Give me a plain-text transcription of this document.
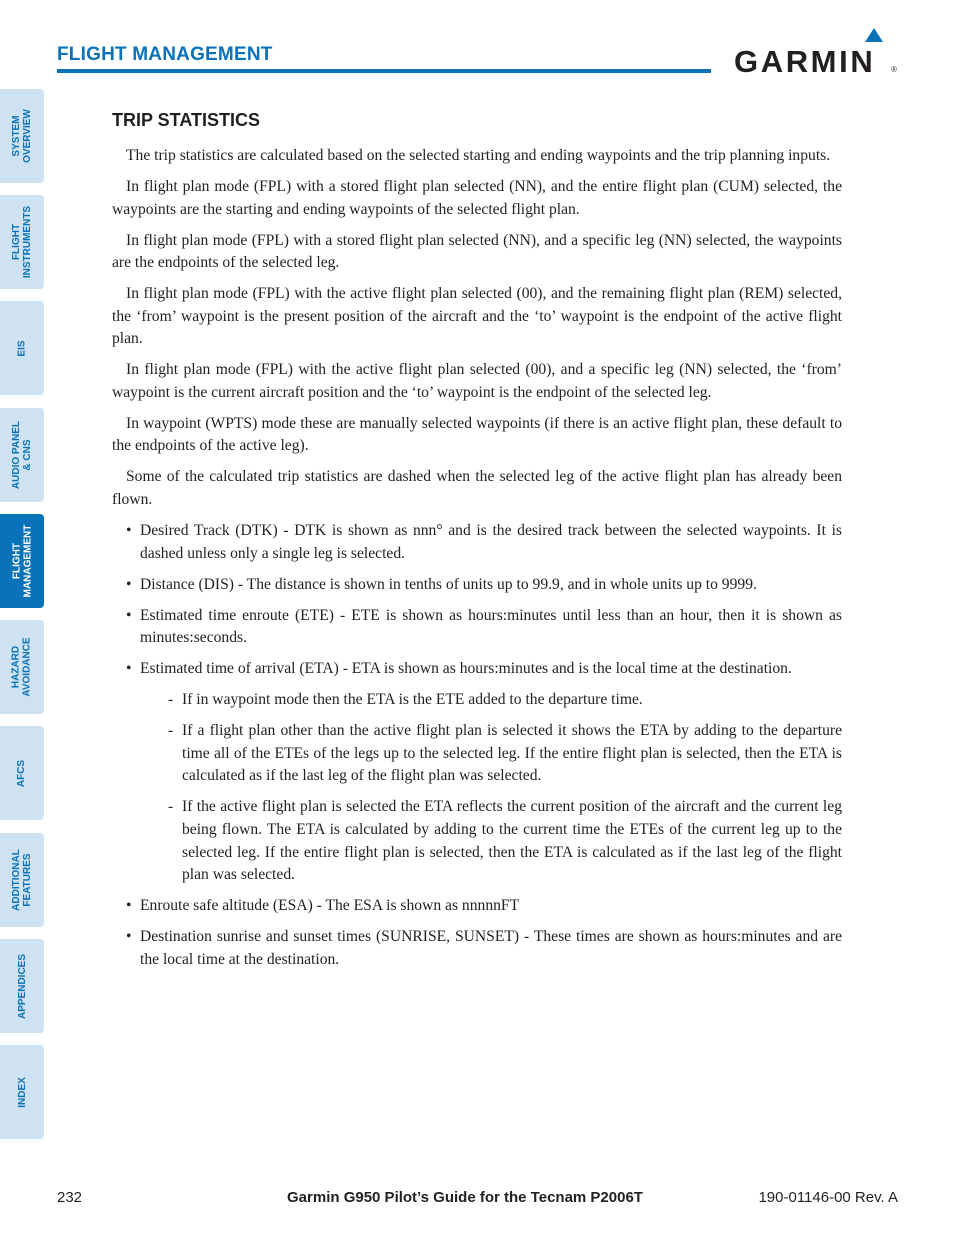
FLIGHT MANAGEMENT	GARMIN ®
SYSTEM
OVERVIEW
FLIGHT
INSTRUMENTS
EIS
AUDIO PANEL
& CNS
FLIGHT
MANAGEMENT
HAZARD
AVOIDANCE
AFCS
ADDITIONAL
FEATURES
APPENDICES
INDEX
TRIP STATISTICS

The trip statistics are calculated based on the selected starting and ending waypoints and the trip planning inputs.

In flight plan mode (FPL) with a stored flight plan selected (NN), and the entire flight plan (CUM) selected, the waypoints are the starting and ending waypoints of the selected flight plan.

In flight plan mode (FPL) with a stored flight plan selected (NN), and a specific leg (NN) selected, the waypoints are the endpoints of the selected leg.

In flight plan mode (FPL) with the active flight plan selected (00), and the remaining flight plan (REM) selected, the ‘from’ waypoint is the present position of the aircraft and the ‘to’ waypoint is the endpoint of the active flight plan.

In flight plan mode (FPL) with the active flight plan selected (00), and a specific leg (NN) selected, the ‘from’ waypoint is the current aircraft position and the ‘to’ waypoint is the endpoint of the selected leg.

In waypoint (WPTS) mode these are manually selected waypoints (if there is an active flight plan, these default to the endpoints of the active leg).

Some of the calculated trip statistics are dashed when the selected leg of the active flight plan has already been flown.

• Desired Track (DTK) - DTK is shown as nnn° and is the desired track between the selected waypoints. It is dashed unless only a single leg is selected.
• Distance (DIS) - The distance is shown in tenths of units up to 99.9, and in whole units up to 9999.
• Estimated time enroute (ETE) - ETE is shown as hours:minutes until less than an hour, then it is shown as minutes:seconds.
• Estimated time of arrival (ETA) - ETA is shown as hours:minutes and is the local time at the destination.
- If in waypoint mode then the ETA is the ETE added to the departure time.
- If a flight plan other than the active flight plan is selected it shows the ETA by adding to the departure time all of the ETEs of the legs up to the selected leg. If the entire flight plan is selected, then the ETA is calculated as if the last leg of the flight plan was selected.
- If the active flight plan is selected the ETA reflects the current position of the aircraft and the current leg being flown. The ETA is calculated by adding to the current time the ETEs of the current leg up to the selected leg. If the entire flight plan is selected, then the ETA is calculated as if the last leg of the flight plan was selected.
• Enroute safe altitude (ESA) - The ESA is shown as nnnnnFT
• Destination sunrise and sunset times (SUNRISE, SUNSET) - These times are shown as hours:minutes and are the local time at the destination.
232	Garmin G950 Pilot’s Guide for the Tecnam P2006T	190-01146-00 Rev. A
